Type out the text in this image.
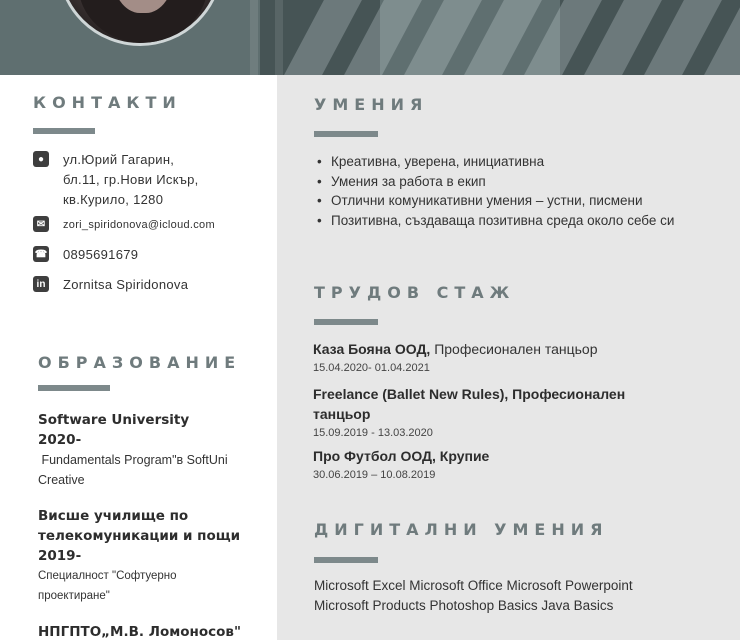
КОНТАКТИ
●	ул.Юрий Гагарин,
бл.11, гр.Нови Искър,
кв.Курило, 1280
✉	zori_spiridonova@icloud.com
☎ 0895691679
in Zornitsa Spiridonova
ОБРАЗОВАНИЕ
Software University
2020-
Fundamentals Program"в SoftUni
Creative
Висше училище по
телекомуникации и пощи
2019-
Специалност "Софтуерно
проектиране"
НПГПТО„М.В. Ломоносов"
УМЕНИЯ
• Креативна, уверена, инициативна
• Умения за работа в екип
• Отлични комуникативни умения – устни, писмени
• Позитивна, създаваща позитивна среда около себе си
ТРУДОВ СТАЖ
Каза Бояна ООД, Професионален танцьор
15.04.2020- 01.04.2021
Freelance (Ballet New Rules), Професионален
танцьор
15.09.2019 - 13.03.2020
Про Футбол ООД, Крупие
30.06.2019 – 10.08.2019
ДИГИТАЛНИ УМЕНИЯ
Microsoft Excel Microsoft Office Microsoft Powerpoint
Microsoft Products Photoshop Basics Java Basics
